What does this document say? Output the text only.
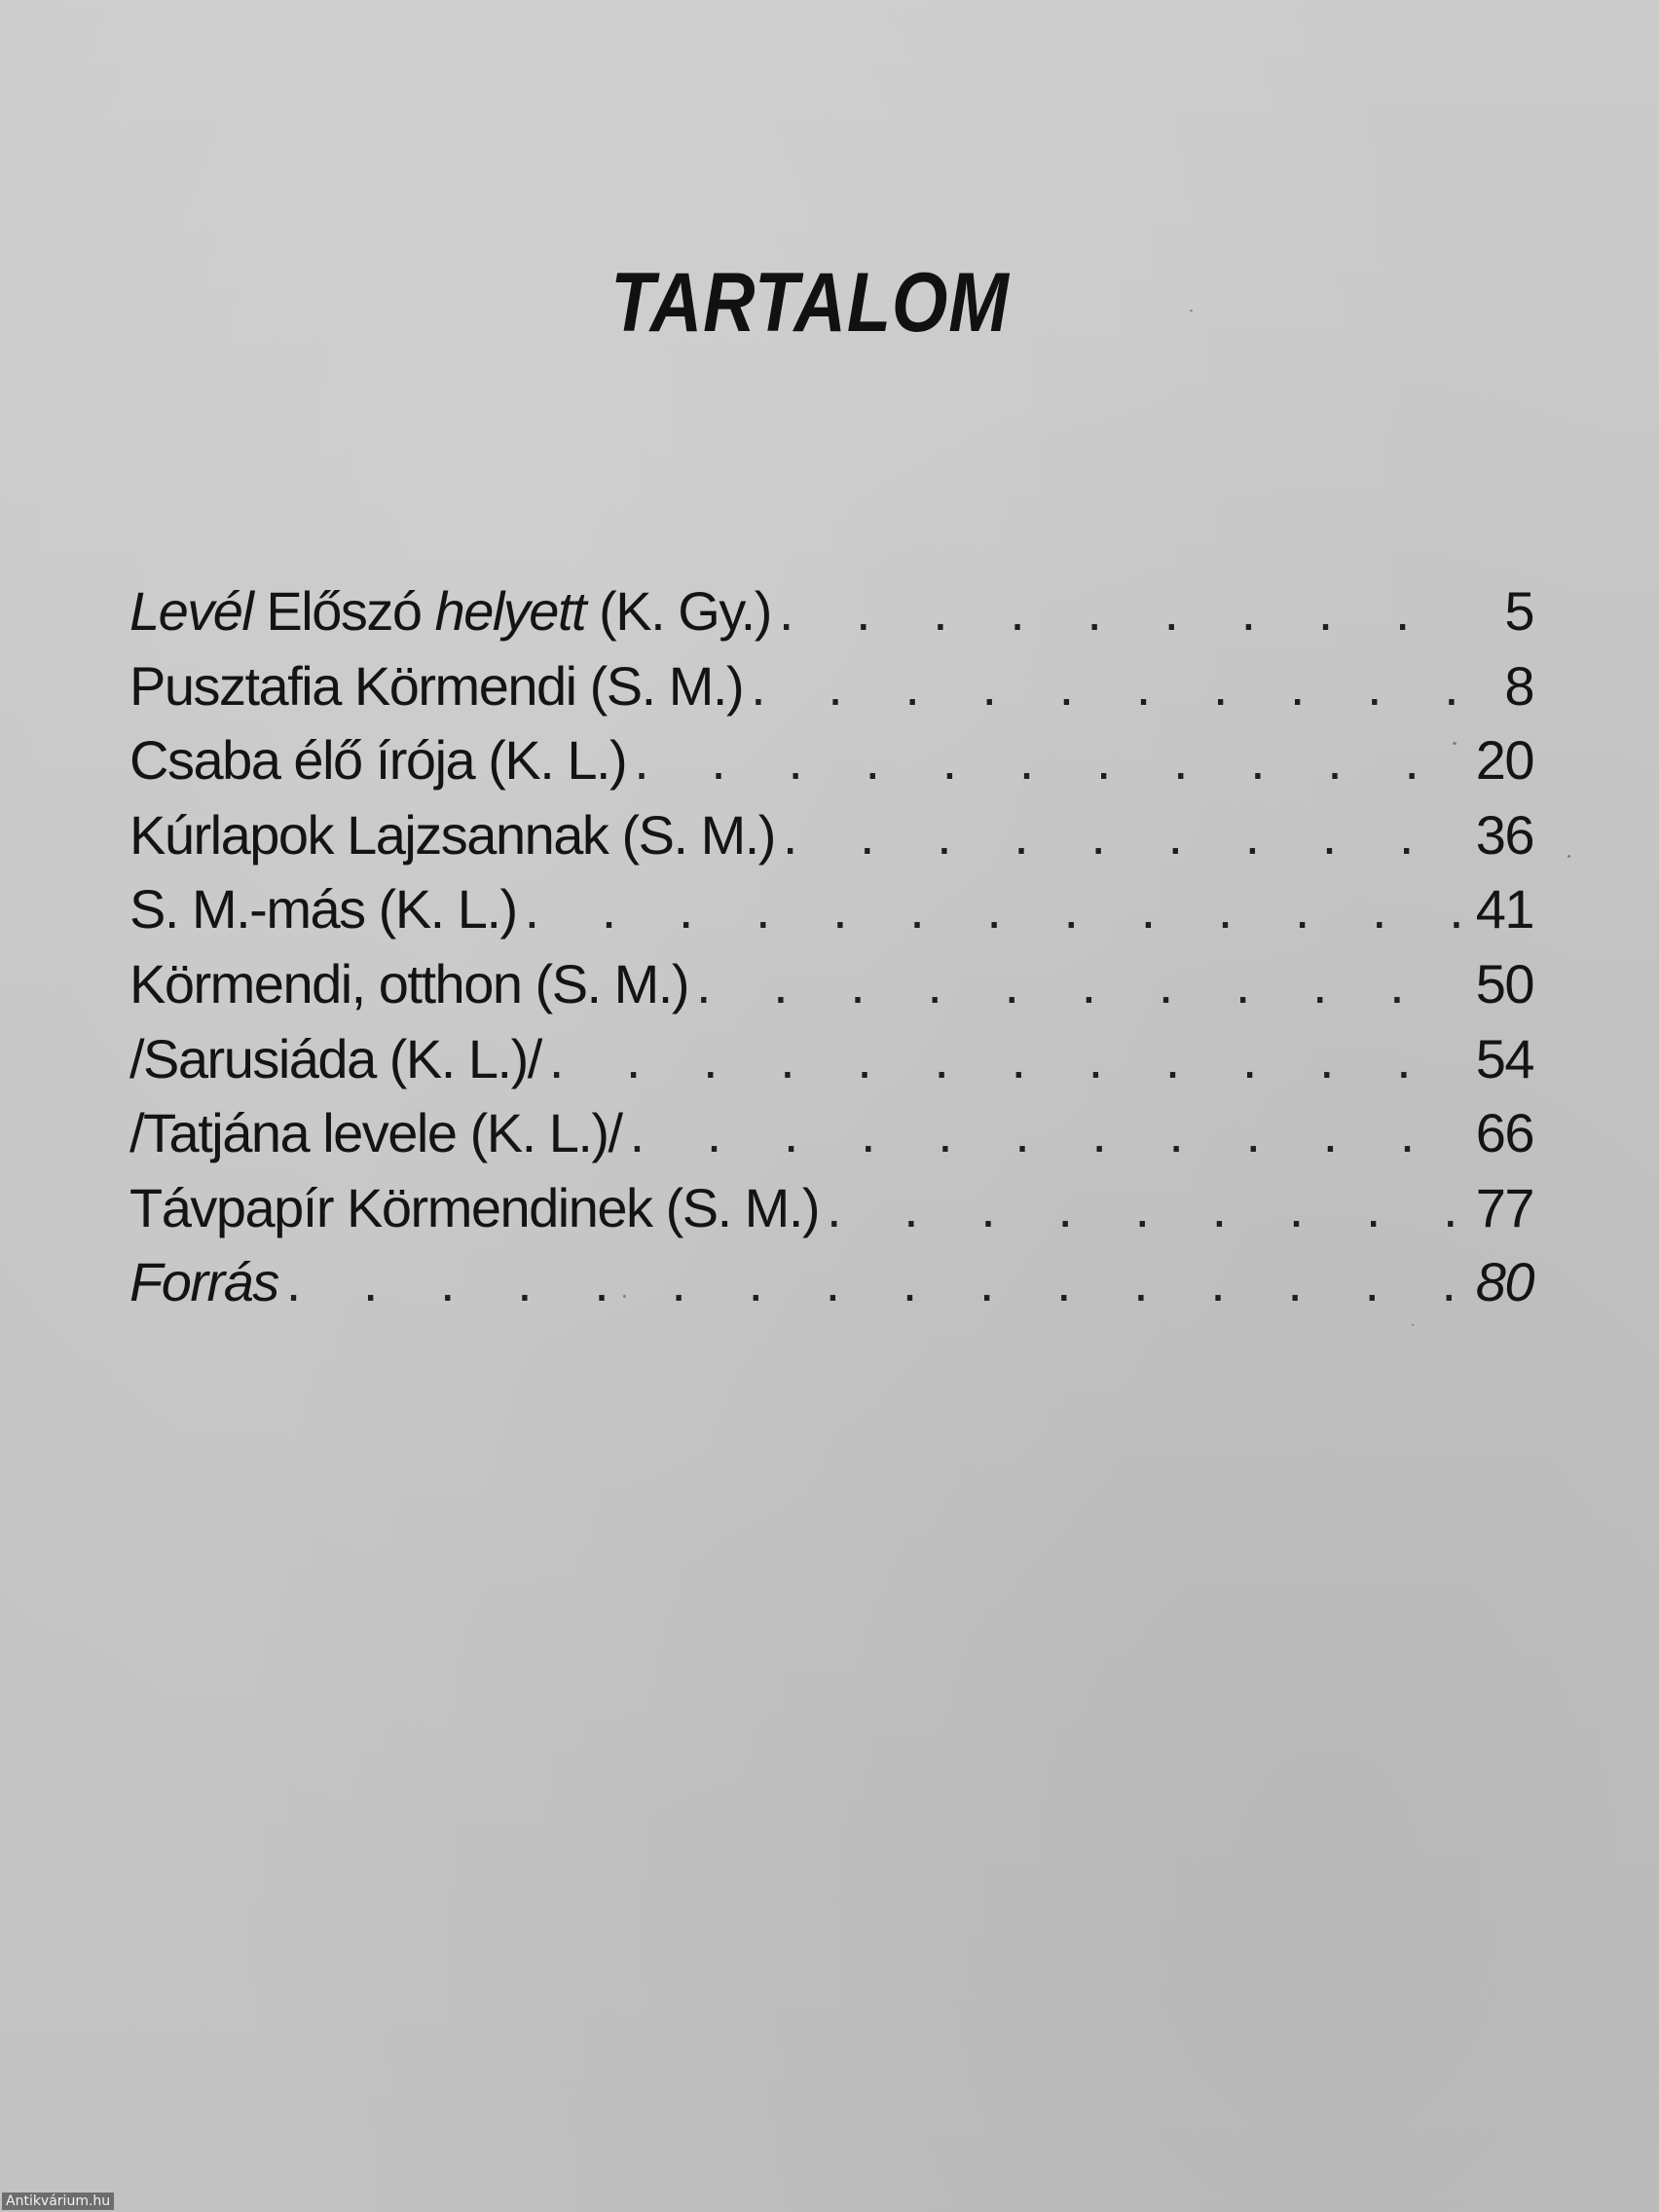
TARTALOM
Levél Előszó helyett (K. Gy.) . . .	5
Pusztafia Körmendi (S. M.) . . .	8
Csaba élő írója (K. L.) . . .	20
Kúrlapok Lajzsannak (S. M.) . . .	36
S. M.-más (K. L.) . . .	41
Körmendi, otthon (S. M.) . . .	50
/Sarusiáda (K. L.)/ . . .	54
/Tatjána levele (K. L.)/ . . .	66
Távpapír Körmendinek (S. M.) . . .	77
Forrás . . .	80
Antikvárium.hu
